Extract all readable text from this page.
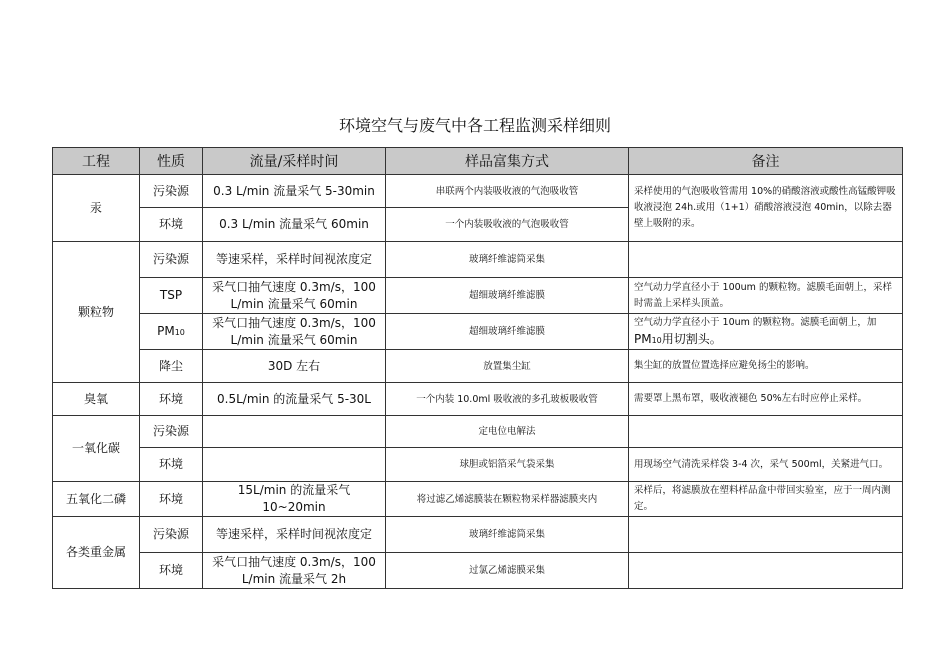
环境空气与废气中各工程监测采样细则
工程	性质	流量/采样时间	样品富集方式	备注
汞	污染源	0.3 L/min 流量采气 5-30min	串联两个内装吸收液的气泡吸收管	采样使用的气泡吸收管需用 10%的硝酸溶液或酸性高锰酸钾吸收液浸泡 24h.或用（1+1）硝酸溶液浸泡 40min，以除去器壁上吸附的汞。
	环境	0.3 L/min 流量采气 60min	一个内装吸收液的气泡吸收管	
颗粒物	污染源	等速采样，采样时间视浓度定	玻璃纤维滤筒采集	
	TSP	采气口抽气速度 0.3m/s，100 L/min 流量采气 60min	超细玻璃纤维滤膜	空气动力学直径小于 100um 的颗粒物。滤膜毛面朝上，采样时需盖上采样头顶盖。
	PM10	采气口抽气速度 0.3m/s，100 L/min 流量采气 60min	超细玻璃纤维滤膜	空气动力学直径小于 10um 的颗粒物。滤膜毛面朝上，加 PM10用切割头。
	降尘	30D 左右	放置集尘缸	集尘缸的放置位置选择应避免扬尘的影响。
臭氧	环境	0.5L/min 的流量采气 5-30L	一个内装 10.0ml 吸收液的多孔玻板吸收管	需要罩上黑布罩，吸收液褪色 50%左右时应停止采样。
一氧化碳	污染源		定电位电解法	
	环境		球胆或铝箔采气袋采集	用现场空气清洗采样袋 3-4 次，采气 500ml，关紧进气口。
五氧化二磷	环境	15L/min 的流量采气 10~20min	将过滤乙烯滤膜装在颗粒物采样器滤膜夹内	采样后，将滤膜放在塑料样品盒中带回实验室，应于一周内测定。
各类重金属	污染源	等速采样，采样时间视浓度定	玻璃纤维滤筒采集	
	环境	采气口抽气速度 0.3m/s，100 L/min 流量采气 2h	过氯乙烯滤膜采集	
